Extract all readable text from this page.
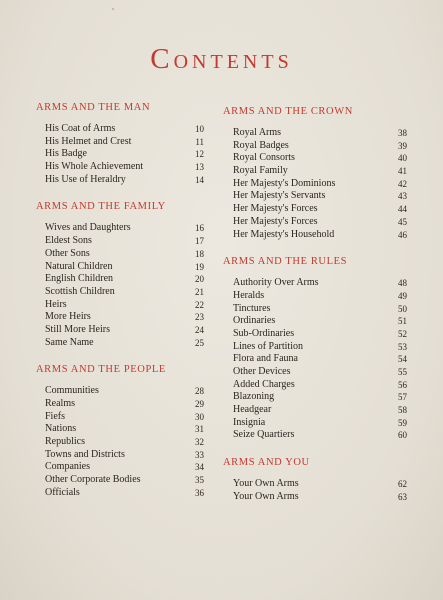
Contents
ARMS AND THE MAN
His Coat of Arms	10
His Helmet and Crest	11
His Badge	12
His Whole Achievement	13
His Use of Heraldry	14
ARMS AND THE FAMILY
Wives and Daughters	16
Eldest Sons	17
Other Sons	18
Natural Children	19
English Children	20
Scottish Children	21
Heirs	22
More Heirs	23
Still More Heirs	24
Same Name	25
ARMS AND THE PEOPLE
Communities	28
Realms	29
Fiefs	30
Nations	31
Republics	32
Towns and Districts	33
Companies	34
Other Corporate Bodies	35
Officials	36
ARMS AND THE CROWN
Royal Arms	38
Royal Badges	39
Royal Consorts	40
Royal Family	41
Her Majesty's Dominions	42
Her Majesty's Servants	43
Her Majesty's Forces	44
Her Majesty's Forces	45
Her Majesty's Household	46
ARMS AND THE RULES
Authority Over Arms	48
Heralds	49
Tinctures	50
Ordinaries	51
Sub-Ordinaries	52
Lines of Partition	53
Flora and Fauna	54
Other Devices	55
Added Charges	56
Blazoning	57
Headgear	58
Insignia	59
Seize Quartiers	60
ARMS AND YOU
Your Own Arms	62
Your Own Arms	63
